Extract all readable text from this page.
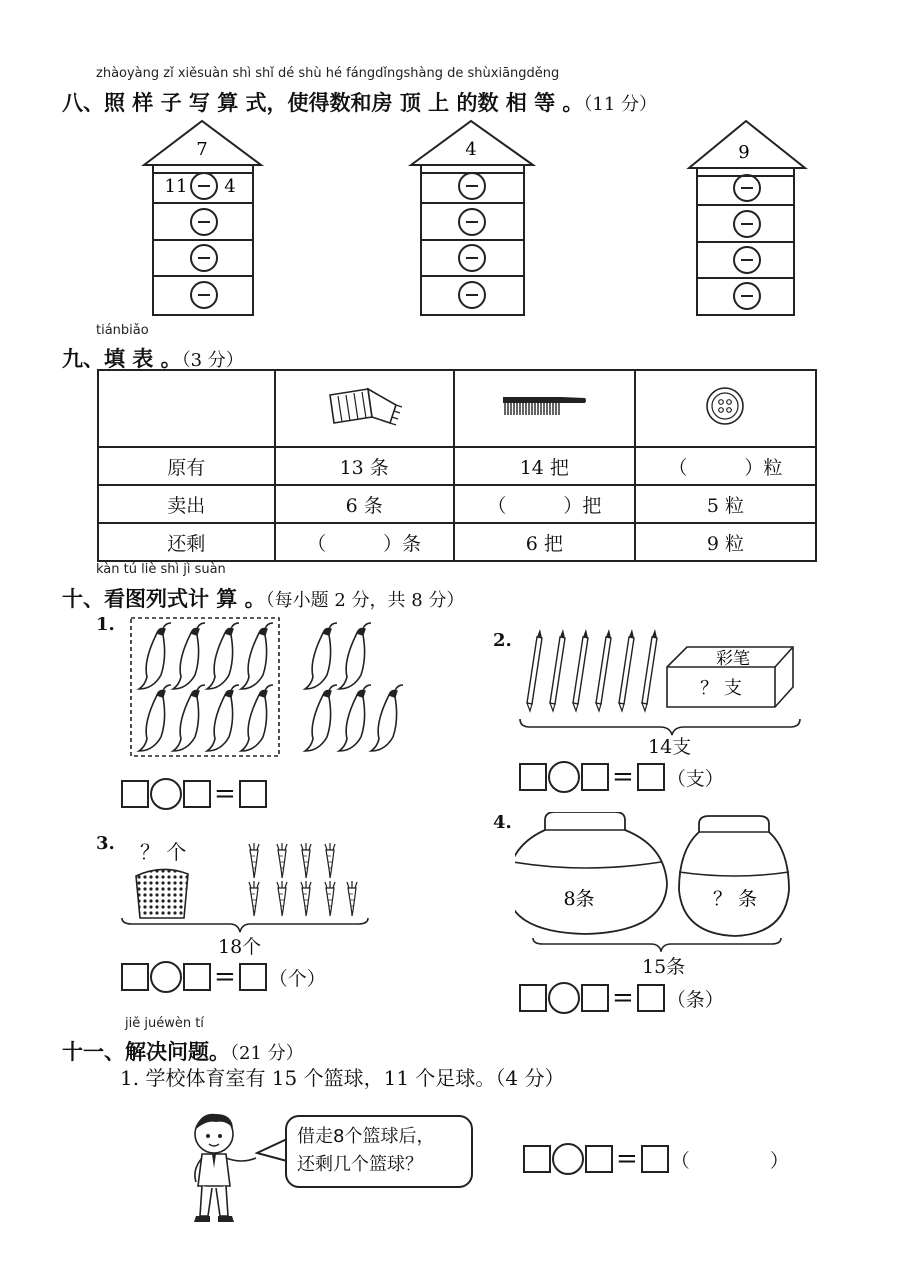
zhàoyàng zǐ xiěsuàn shì shǐ dé shù hé fángdǐngshàng de shùxiāngděng
八、照 样 子 写 算 式，使得数和房 顶 上 的数 相 等 。（11 分）
7
11 4
4	9
tiánbiǎo
九、填 表 。（3 分）

原有	13 条	14 把	（　　　）粒
卖出	6 条	（　　　）把	5 粒
还剩	（　　　）条	6 把	9 粒
kàn tú liè shì jì suàn
十、看图列式计 算 。（每小题 2 分，共 8 分）
1.
=
2.
彩笔
？ 支
14支
= （支）
3. ？ 个
18个
= （个）
4.
8条	？ 条
15条
= （条）
jiě juéwèn tí
十一、解决问题。（21 分）
1. 学校体育室有 15 个篮球，11 个足球。（4 分）
借走8个篮球后，
还剩几个篮球？	= （	）
